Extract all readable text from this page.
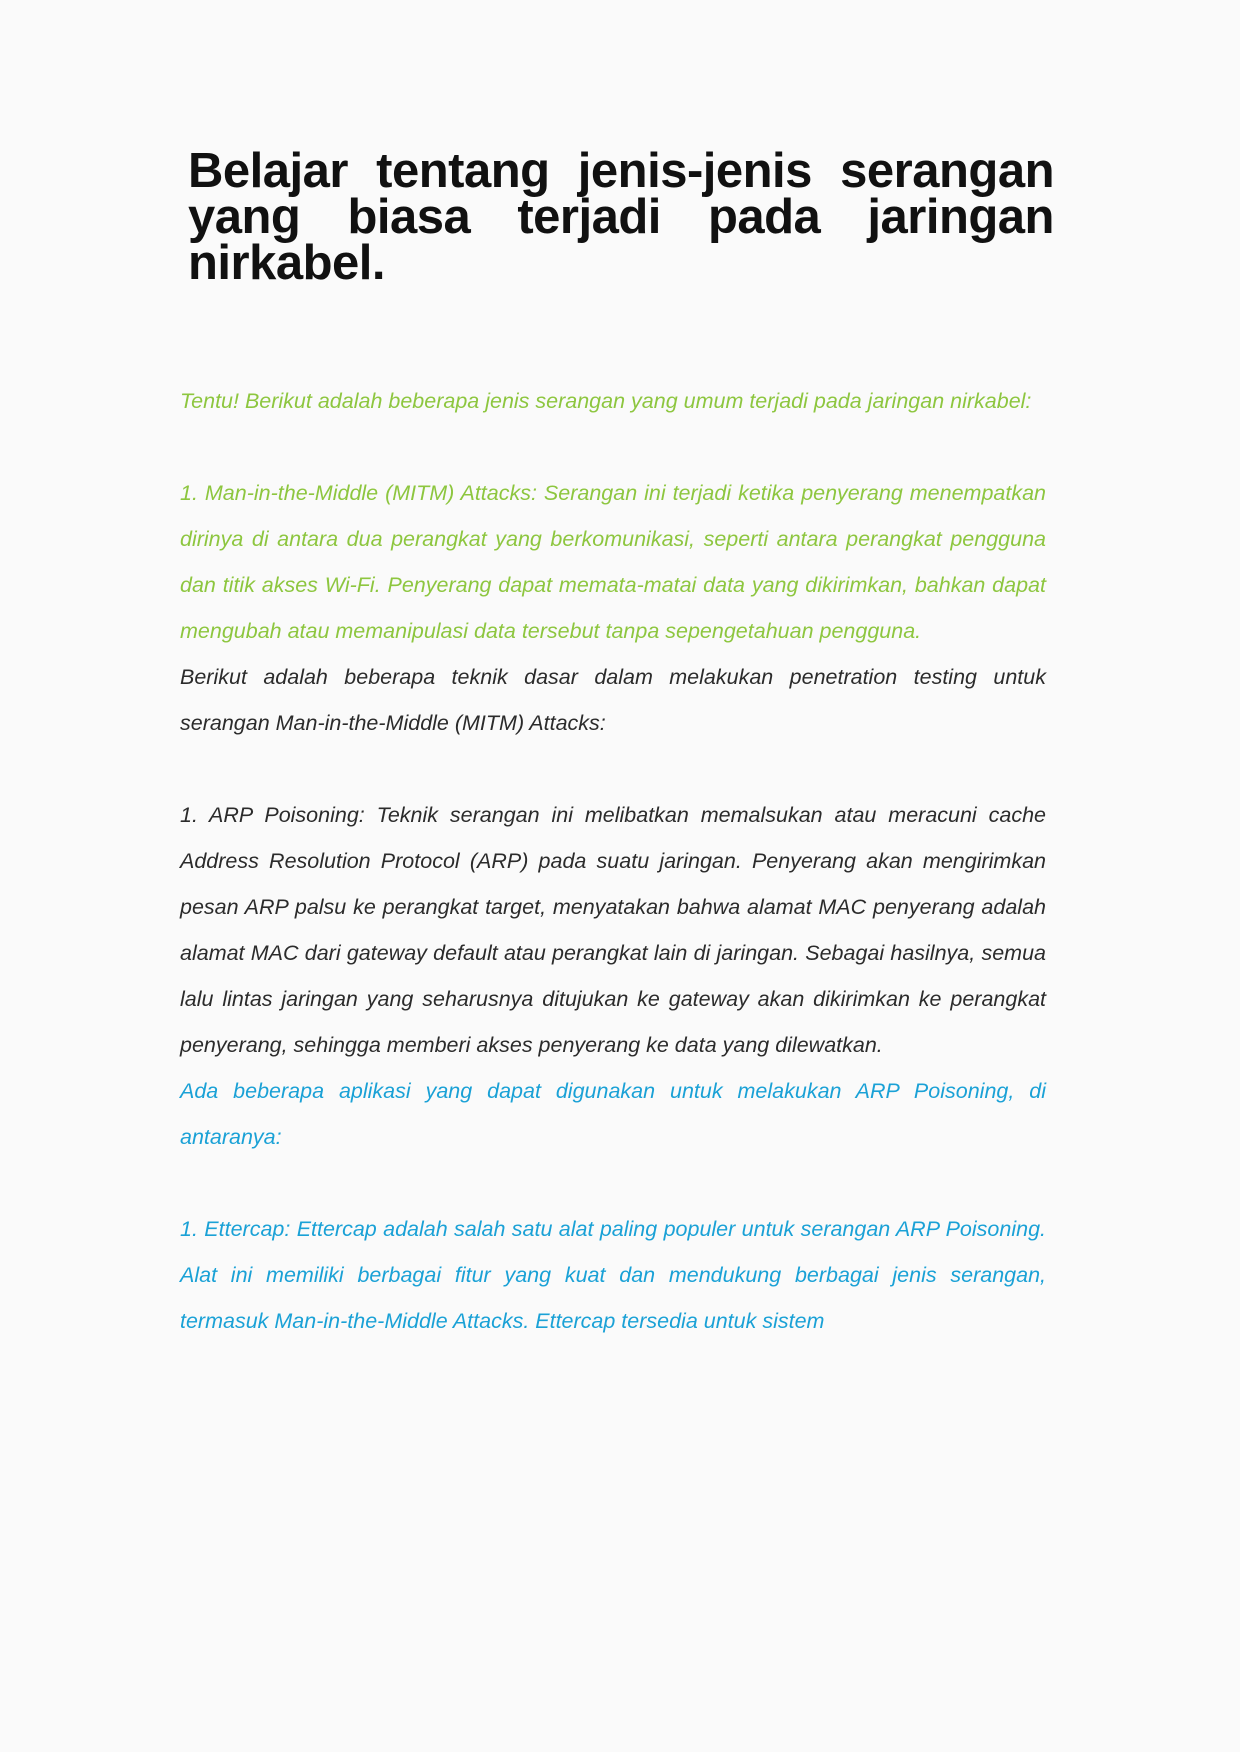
Belajar tentang jenis-jenis serangan yang biasa terjadi pada jaringan nirkabel.

Tentu! Berikut adalah beberapa jenis serangan yang umum terjadi pada jaringan nirkabel:

1. Man-in-the-Middle (MITM) Attacks: Serangan ini terjadi ketika penyerang menempatkan dirinya di antara dua perangkat yang berkomunikasi, seperti antara perangkat pengguna dan titik akses Wi-Fi. Penyerang dapat memata-matai data yang dikirimkan, bahkan dapat mengubah atau memanipulasi data tersebut tanpa sepengetahuan pengguna.

Berikut adalah beberapa teknik dasar dalam melakukan penetration testing untuk serangan Man-in-the-Middle (MITM) Attacks:

1. ARP Poisoning: Teknik serangan ini melibatkan memalsukan atau meracuni cache Address Resolution Protocol (ARP) pada suatu jaringan. Penyerang akan mengirimkan pesan ARP palsu ke perangkat target, menyatakan bahwa alamat MAC penyerang adalah alamat MAC dari gateway default atau perangkat lain di jaringan. Sebagai hasilnya, semua lalu lintas jaringan yang seharusnya ditujukan ke gateway akan dikirimkan ke perangkat penyerang, sehingga memberi akses penyerang ke data yang dilewatkan.

Ada beberapa aplikasi yang dapat digunakan untuk melakukan ARP Poisoning, di antaranya:

1. Ettercap: Ettercap adalah salah satu alat paling populer untuk serangan ARP Poisoning. Alat ini memiliki berbagai fitur yang kuat dan mendukung berbagai jenis serangan, termasuk Man-in-the-Middle Attacks. Ettercap tersedia untuk sistem
